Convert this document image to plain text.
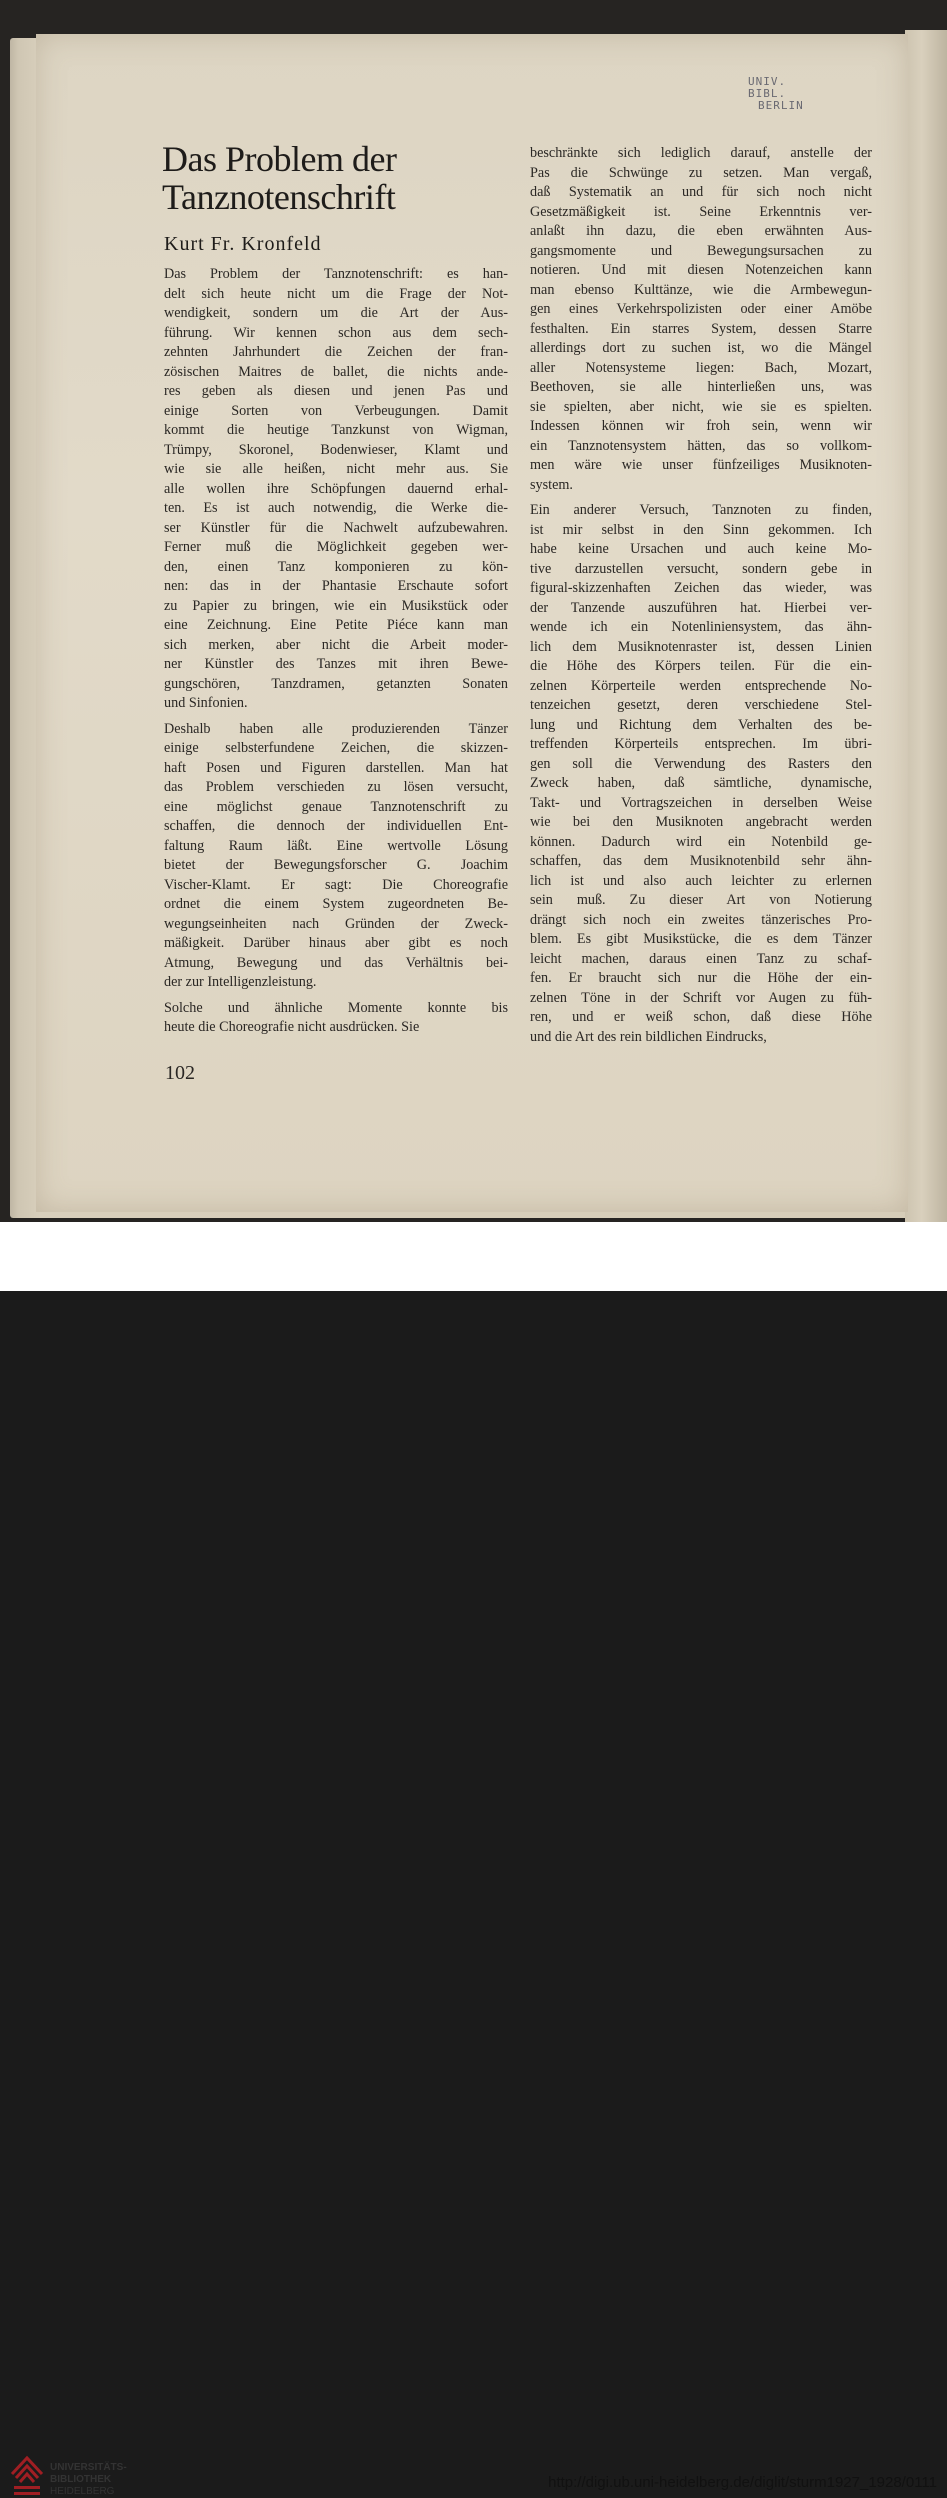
UNIV. BIBL.
BERLIN
Das Problem der
Tanznotenschrift
Kurt Fr. Kronfeld

Das Problem der Tanznotenschrift: es han-
delt sich heute nicht um die Frage der Not-
wendigkeit, sondern um die Art der Aus-
führung. Wir kennen schon aus dem sech-
zehnten Jahrhundert die Zeichen der fran-
zösischen Maitres de ballet, die nichts ande-
res geben als diesen und jenen Pas und
einige Sorten von Verbeugungen. Damit
kommt die heutige Tanzkunst von Wigman,
Trümpy, Skoronel, Bodenwieser, Klamt und
wie sie alle heißen, nicht mehr aus. Sie
alle wollen ihre Schöpfungen dauernd erhal-
ten. Es ist auch notwendig, die Werke die-
ser Künstler für die Nachwelt aufzubewahren.
Ferner muß die Möglichkeit gegeben wer-
den, einen Tanz komponieren zu kön-
nen: das in der Phantasie Erschaute sofort
zu Papier zu bringen, wie ein Musikstück oder
eine Zeichnung. Eine Petite Piéce kann man
sich merken, aber nicht die Arbeit moder-
ner Künstler des Tanzes mit ihren Bewe-
gungschören, Tanzdramen, getanzten Sonaten
und Sinfonien.

Deshalb haben alle produzierenden Tänzer
einige selbsterfundene Zeichen, die skizzen-
haft Posen und Figuren darstellen. Man hat
das Problem verschieden zu lösen versucht,
eine möglichst genaue Tanznotenschrift zu
schaffen, die dennoch der individuellen Ent-
faltung Raum läßt. Eine wertvolle Lösung
bietet der Bewegungsforscher G. Joachim
Vischer-Klamt. Er sagt: Die Choreografie
ordnet die einem System zugeordneten Be-
wegungseinheiten nach Gründen der Zweck-
mäßigkeit. Darüber hinaus aber gibt es noch
Atmung, Bewegung und das Verhältnis bei-
der zur Intelligenzleistung.

Solche und ähnliche Momente konnte bis
heute die Choreografie nicht ausdrücken. Sie

beschränkte sich lediglich darauf, anstelle der
Pas die Schwünge zu setzen. Man vergaß,
daß Systematik an und für sich noch nicht
Gesetzmäßigkeit ist. Seine Erkenntnis ver-
anlaßt ihn dazu, die eben erwähnten Aus-
gangsmomente und Bewegungsursachen zu
notieren. Und mit diesen Notenzeichen kann
man ebenso Kulttänze, wie die Armbewegun-
gen eines Verkehrspolizisten oder einer Amöbe
festhalten. Ein starres System, dessen Starre
allerdings dort zu suchen ist, wo die Mängel
aller Notensysteme liegen: Bach, Mozart,
Beethoven, sie alle hinterließen uns, was
sie spielten, aber nicht, wie sie es spielten.
Indessen können wir froh sein, wenn wir
ein Tanznotensystem hätten, das so vollkom-
men wäre wie unser fünfzeiliges Musiknoten-
system.

Ein anderer Versuch, Tanznoten zu finden,
ist mir selbst in den Sinn gekommen. Ich
habe keine Ursachen und auch keine Mo-
tive darzustellen versucht, sondern gebe in
figural-skizzenhaften Zeichen das wieder, was
der Tanzende auszuführen hat. Hierbei ver-
wende ich ein Notenliniensystem, das ähn-
lich dem Musiknotenraster ist, dessen Linien
die Höhe des Körpers teilen. Für die ein-
zelnen Körperteile werden entsprechende No-
tenzeichen gesetzt, deren verschiedene Stel-
lung und Richtung dem Verhalten des be-
treffenden Körperteils entsprechen. Im übri-
gen soll die Verwendung des Rasters den
Zweck haben, daß sämtliche, dynamische,
Takt- und Vortragszeichen in derselben Weise
wie bei den Musiknoten angebracht werden
können. Dadurch wird ein Notenbild ge-
schaffen, das dem Musiknotenbild sehr ähn-
lich ist und also auch leichter zu erlernen
sein muß. Zu dieser Art von Notierung
drängt sich noch ein zweites tänzerisches Pro-
blem. Es gibt Musikstücke, die es dem Tänzer
leicht machen, daraus einen Tanz zu schaf-
fen. Er braucht sich nur die Höhe der ein-
zelnen Töne in der Schrift vor Augen zu füh-
ren, und er weiß schon, daß diese Höhe
und die Art des rein bildlichen Eindrucks,

102
UNIVERSITÄTS-
BIBLIOTHEK
HEIDELBERG
http://digi.ub.uni-heidelberg.de/diglit/sturm1927_1928/0111
